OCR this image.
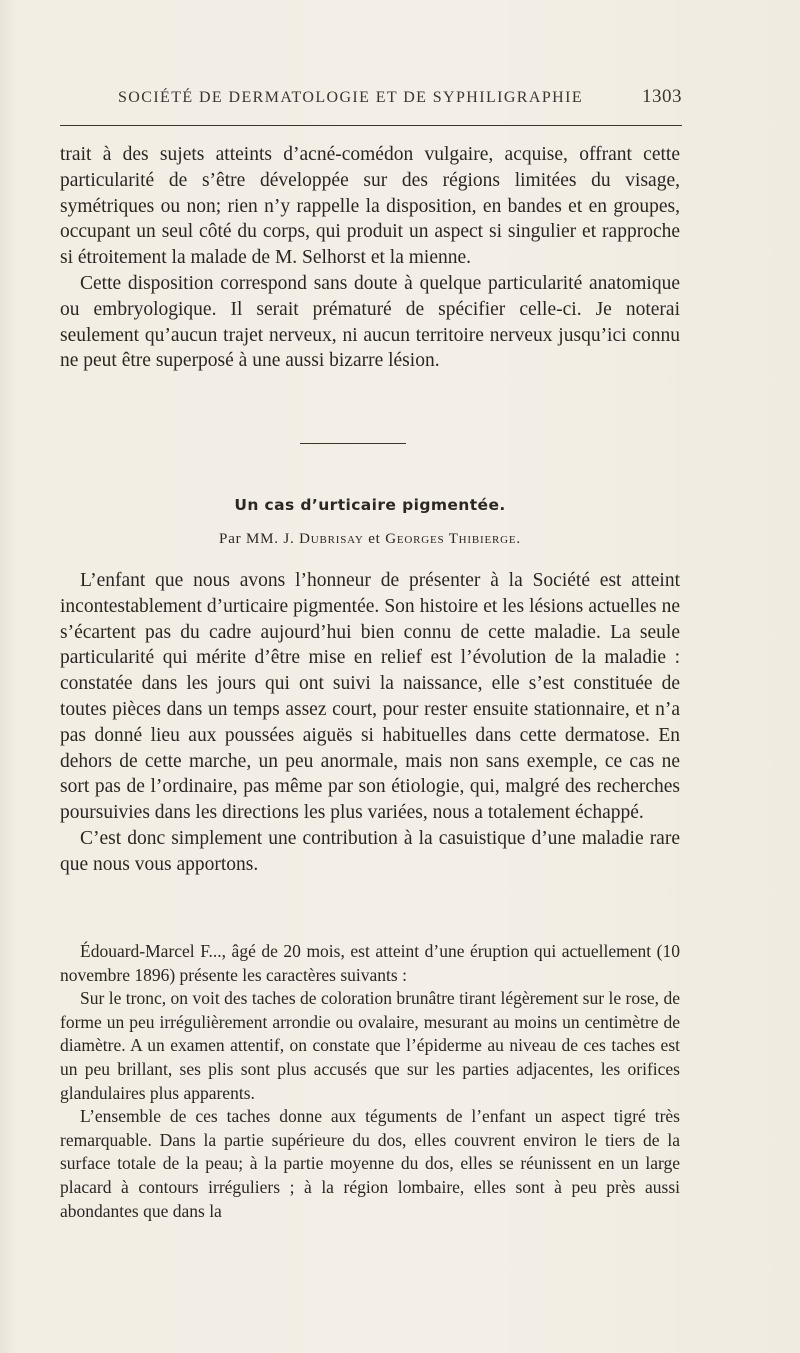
SOCIÉTÉ DE DERMATOLOGIE ET DE SYPHILIGRAPHIE	1303

trait à des sujets atteints d’acné-comédon vulgaire, acquise, offrant cette particularité de s’être développée sur des régions limitées du visage, symétriques ou non; rien n’y rappelle la disposition, en bandes et en groupes, occupant un seul côté du corps, qui produit un aspect si singulier et rapproche si étroitement la malade de M. Selhorst et la mienne.

Cette disposition correspond sans doute à quelque particularité anatomique ou embryologique. Il serait prématuré de spécifier celle-ci. Je noterai seulement qu’aucun trajet nerveux, ni aucun territoire nerveux jusqu’ici connu ne peut être superposé à une aussi bizarre lésion.

Un cas d’urticaire pigmentée.
Par MM. J. Dubrisay et Georges Thibierge.

L’enfant que nous avons l’honneur de présenter à la Société est atteint incontestablement d’urticaire pigmentée. Son histoire et les lésions actuelles ne s’écartent pas du cadre aujourd’hui bien connu de cette maladie. La seule particularité qui mérite d’être mise en relief est l’évolution de la maladie : constatée dans les jours qui ont suivi la naissance, elle s’est constituée de toutes pièces dans un temps assez court, pour rester ensuite stationnaire, et n’a pas donné lieu aux poussées aiguës si habituelles dans cette dermatose. En dehors de cette marche, un peu anormale, mais non sans exemple, ce cas ne sort pas de l’ordinaire, pas même par son étiologie, qui, malgré des recherches poursuivies dans les directions les plus variées, nous a totalement échappé.

C’est donc simplement une contribution à la casuistique d’une maladie rare que nous vous apportons.

Édouard-Marcel F..., âgé de 20 mois, est atteint d’une éruption qui actuellement (10 novembre 1896) présente les caractères suivants :

Sur le tronc, on voit des taches de coloration brunâtre tirant légèrement sur le rose, de forme un peu irrégulièrement arrondie ou ovalaire, mesurant au moins un centimètre de diamètre. A un examen attentif, on constate que l’épiderme au niveau de ces taches est un peu brillant, ses plis sont plus accusés que sur les parties adjacentes, les orifices glandulaires plus apparents.

L’ensemble de ces taches donne aux téguments de l’enfant un aspect tigré très remarquable. Dans la partie supérieure du dos, elles couvrent environ le tiers de la surface totale de la peau; à la partie moyenne du dos, elles se réunissent en un large placard à contours irréguliers ; à la région lombaire, elles sont à peu près aussi abondantes que dans la
